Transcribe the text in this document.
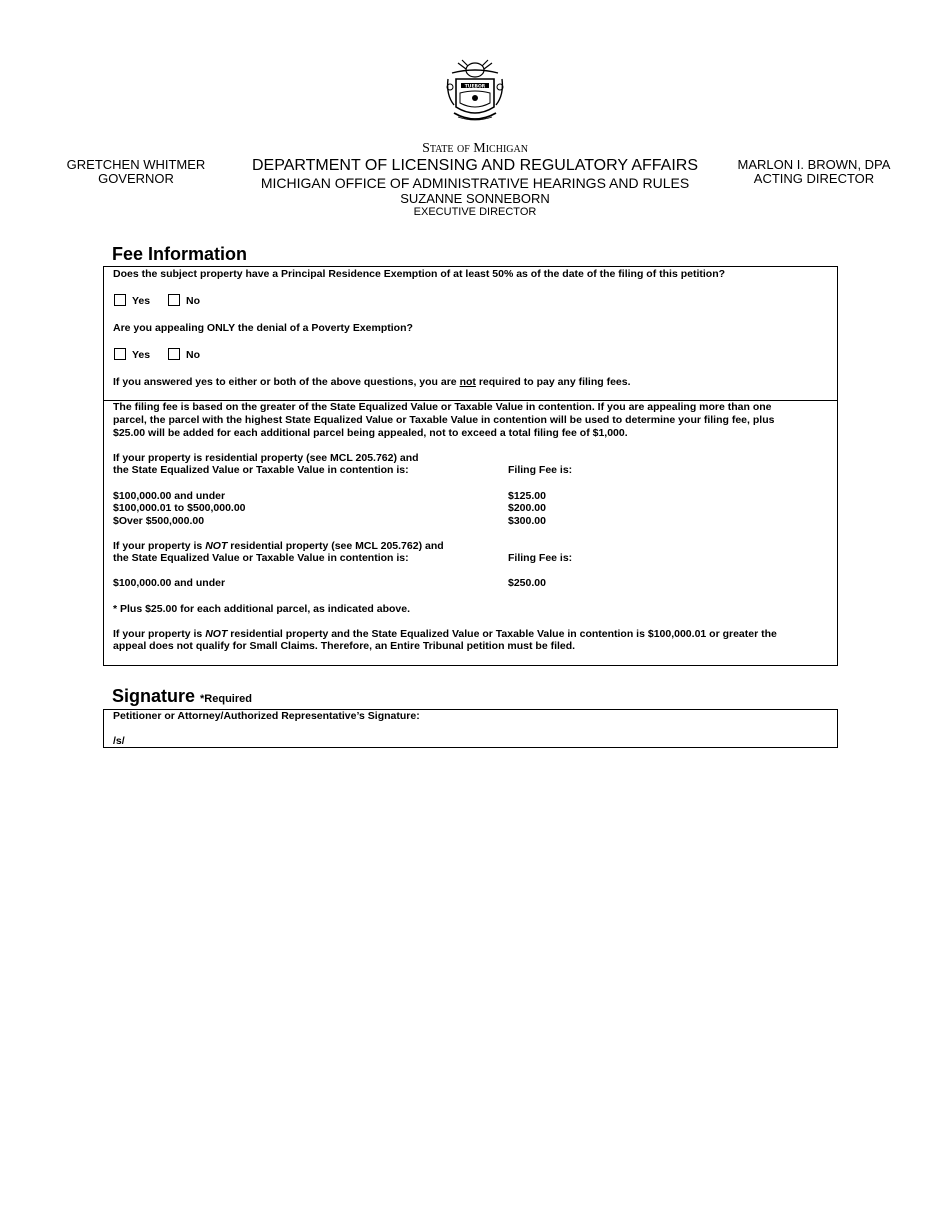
TUEBOR
GRETCHEN WHITMER
GOVERNOR
State of Michigan
DEPARTMENT OF LICENSING AND REGULATORY AFFAIRS
MICHIGAN OFFICE OF ADMINISTRATIVE HEARINGS AND RULES
SUZANNE SONNEBORN
EXECUTIVE DIRECTOR
MARLON I. BROWN, DPA
ACTING DIRECTOR
Fee Information
Does the subject property have a Principal Residence Exemption of at least 50% as of the date of the filing of this petition?
Yes	No
Are you appealing ONLY the denial of a Poverty Exemption?
Yes	No
If you answered yes to either or both of the above questions, you are not required to pay any filing fees.
The filing fee is based on the greater of the State Equalized Value or Taxable Value in contention. If you are appealing more than one
parcel, the parcel with the highest State Equalized Value or Taxable Value in contention will be used to determine your filing fee, plus
$25.00 will be added for each additional parcel being appealed, not to exceed a total filing fee of $1,000.
If your property is residential property (see MCL 205.762) and
the State Equalized Value or Taxable Value in contention is:	Filing Fee is:
$100,000.00 and under	$125.00
$100,000.01 to $500,000.00	$200.00
$Over $500,000.00	$300.00
If your property is NOT residential property (see MCL 205.762) and
the State Equalized Value or Taxable Value in contention is:	Filing Fee is:
$100,000.00 and under	$250.00
* Plus $25.00 for each additional parcel, as indicated above.
If your property is NOT residential property and the State Equalized Value or Taxable Value in contention is $100,000.01 or greater the
appeal does not qualify for Small Claims. Therefore, an Entire Tribunal petition must be filed.
Signature *Required
Petitioner or Attorney/Authorized Representative’s Signature:
/s/
